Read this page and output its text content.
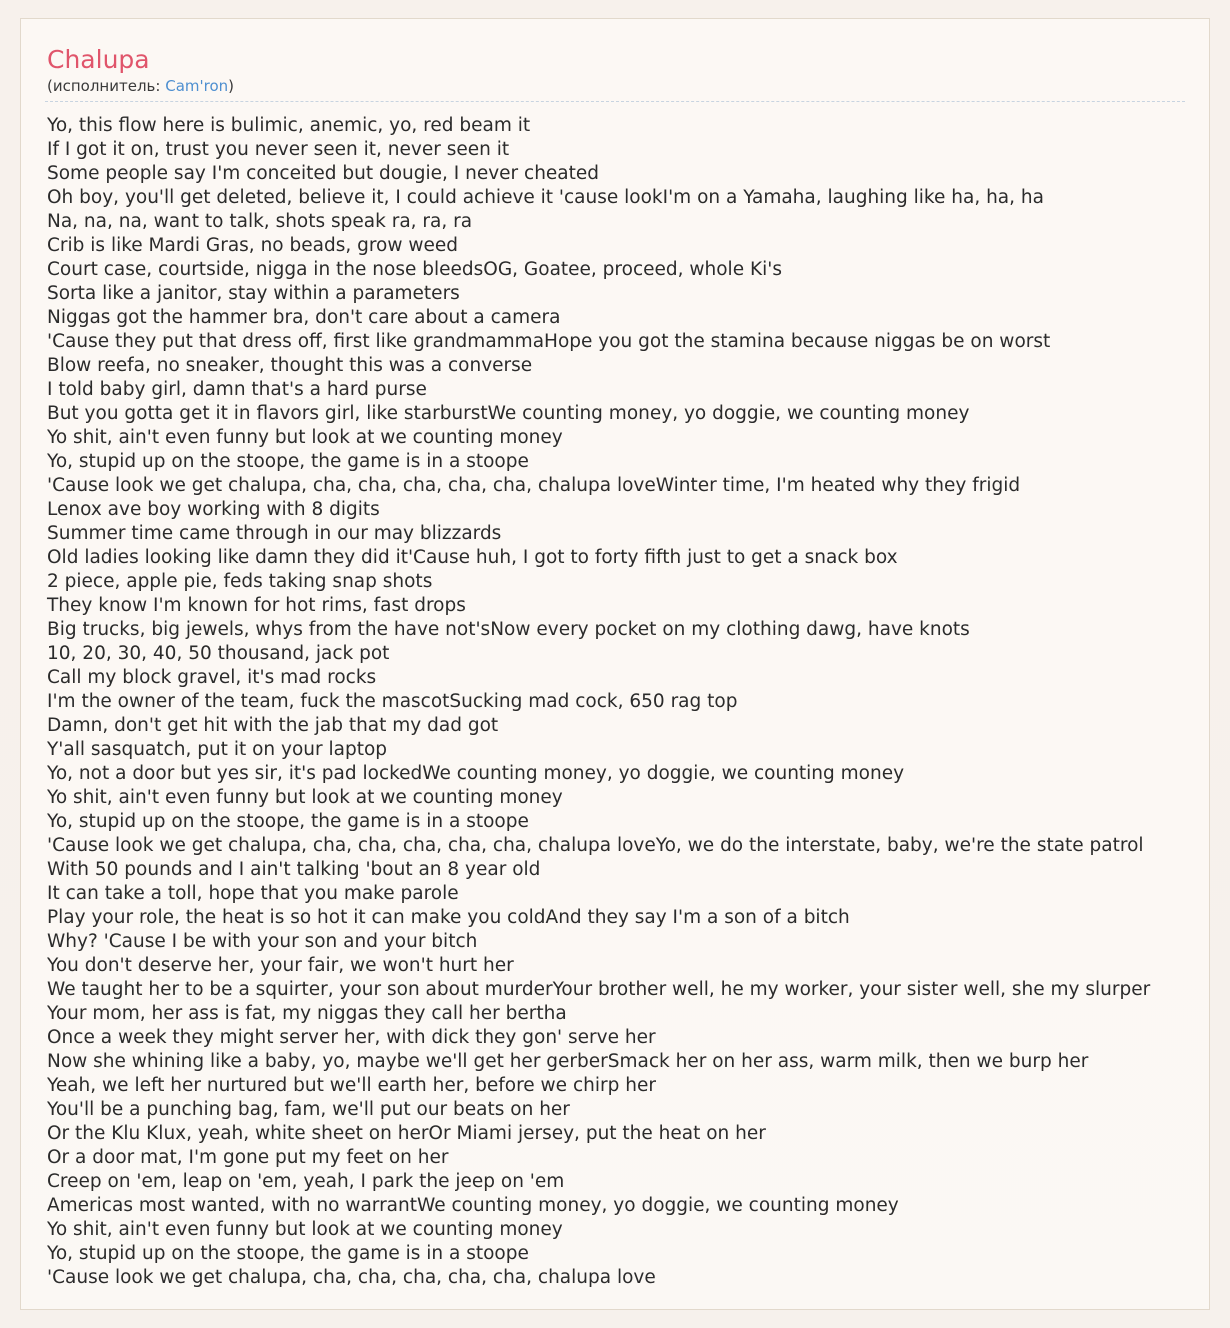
Chalupa
(исполнитель: Cam'ron)
Yo, this flow here is bulimic, anemic, yo, red beam it
If I got it on, trust you never seen it, never seen it
Some people say I'm conceited but dougie, I never cheated
Oh boy, you'll get deleted, believe it, I could achieve it 'cause lookI'm on a Yamaha, laughing like ha, ha, ha
Na, na, na, want to talk, shots speak ra, ra, ra
Crib is like Mardi Gras, no beads, grow weed
Court case, courtside, nigga in the nose bleedsOG, Goatee, proceed, whole Ki's
Sorta like a janitor, stay within a parameters
Niggas got the hammer bra, don't care about a camera
'Cause they put that dress off, first like grandmammaHope you got the stamina because niggas be on worst
Blow reefa, no sneaker, thought this was a converse
I told baby girl, damn that's a hard purse
But you gotta get it in flavors girl, like starburstWe counting money, yo doggie, we counting money
Yo shit, ain't even funny but look at we counting money
Yo, stupid up on the stoope, the game is in a stoope
'Cause look we get chalupa, cha, cha, cha, cha, cha, chalupa loveWinter time, I'm heated why they frigid
Lenox ave boy working with 8 digits
Summer time came through in our may blizzards
Old ladies looking like damn they did it'Cause huh, I got to forty fifth just to get a snack box
2 piece, apple pie, feds taking snap shots
They know I'm known for hot rims, fast drops
Big trucks, big jewels, whys from the have not'sNow every pocket on my clothing dawg, have knots
10, 20, 30, 40, 50 thousand, jack pot
Call my block gravel, it's mad rocks
I'm the owner of the team, fuck the mascotSucking mad cock, 650 rag top
Damn, don't get hit with the jab that my dad got
Y'all sasquatch, put it on your laptop
Yo, not a door but yes sir, it's pad lockedWe counting money, yo doggie, we counting money
Yo shit, ain't even funny but look at we counting money
Yo, stupid up on the stoope, the game is in a stoope
'Cause look we get chalupa, cha, cha, cha, cha, cha, chalupa loveYo, we do the interstate, baby, we're the state patrol
With 50 pounds and I ain't talking 'bout an 8 year old
It can take a toll, hope that you make parole
Play your role, the heat is so hot it can make you coldAnd they say I'm a son of a bitch
Why? 'Cause I be with your son and your bitch
You don't deserve her, your fair, we won't hurt her
We taught her to be a squirter, your son about murderYour brother well, he my worker, your sister well, she my slurper
Your mom, her ass is fat, my niggas they call her bertha
Once a week they might server her, with dick they gon' serve her
Now she whining like a baby, yo, maybe we'll get her gerberSmack her on her ass, warm milk, then we burp her
Yeah, we left her nurtured but we'll earth her, before we chirp her
You'll be a punching bag, fam, we'll put our beats on her
Or the Klu Klux, yeah, white sheet on herOr Miami jersey, put the heat on her
Or a door mat, I'm gone put my feet on her
Creep on 'em, leap on 'em, yeah, I park the jeep on 'em
Americas most wanted, with no warrantWe counting money, yo doggie, we counting money
Yo shit, ain't even funny but look at we counting money
Yo, stupid up on the stoope, the game is in a stoope
'Cause look we get chalupa, cha, cha, cha, cha, cha, chalupa love
